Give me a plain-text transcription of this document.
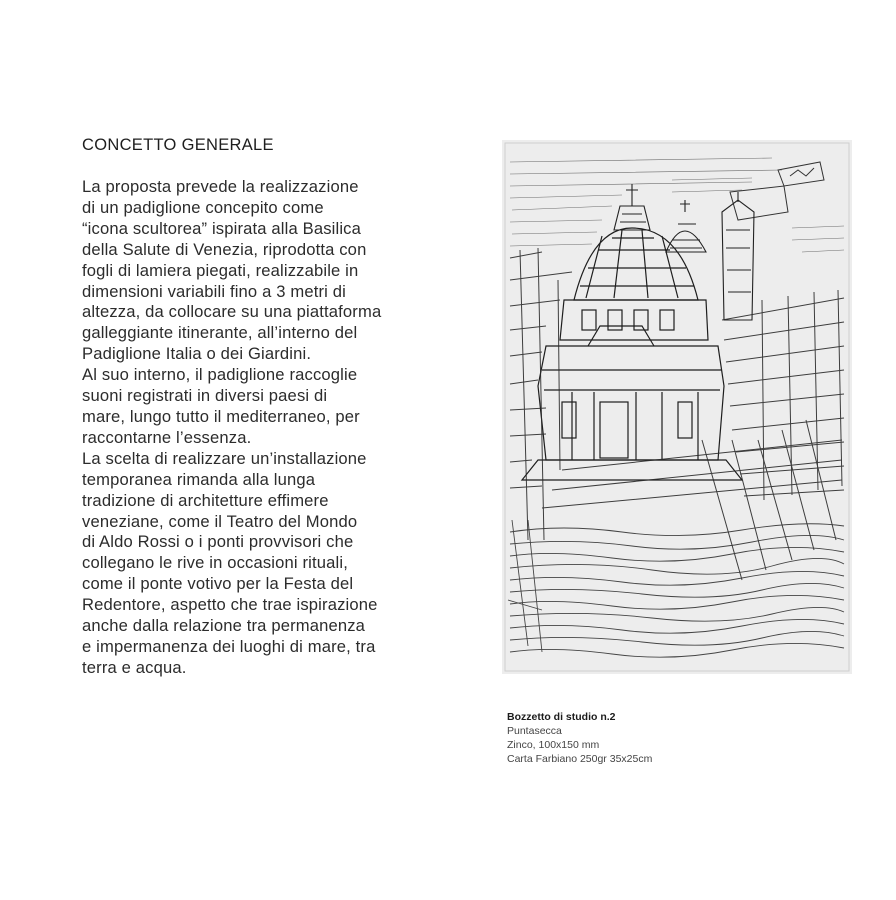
CONCETTO GENERALE

La proposta prevede la realizzazione
di un padiglione concepito come
“icona scultorea” ispirata alla Basilica
della Salute di Venezia, riprodotta con
fogli di lamiera piegati, realizzabile in
dimensioni variabili fino a 3 metri di
altezza, da collocare su una piattaforma
galleggiante itinerante, all’interno del
Padiglione Italia o dei Giardini.
Al suo interno, il padiglione raccoglie
suoni registrati in diversi paesi di
mare, lungo tutto il mediterraneo, per
raccontarne l’essenza.
La scelta di realizzare un’installazione
temporanea rimanda alla lunga
tradizione di architetture effimere
veneziane, come il Teatro del Mondo
di Aldo Rossi o i ponti provvisori che
collegano le rive in occasioni rituali,
come il ponte votivo per la Festa del
Redentore, aspetto che trae ispirazione
anche dalla relazione tra permanenza
e impermanenza dei luoghi di mare, tra
terra e acqua.

Bozzetto di studio n.2
Puntasecca
Zinco, 100x150 mm
Carta Farbiano 250gr 35x25cm
